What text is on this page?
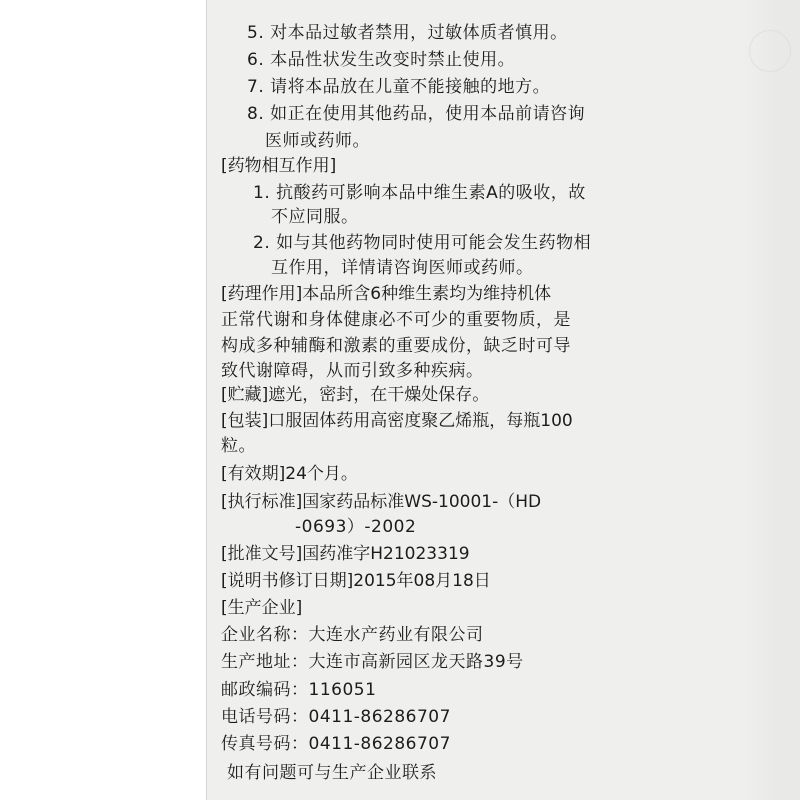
5. 对本品过敏者禁用，过敏体质者慎用。
6. 本品性状发生改变时禁止使用。
7. 请将本品放在儿童不能接触的地方。
8. 如正在使用其他药品，使用本品前请咨询
医师或药师。
[药物相互作用]
1. 抗酸药可影响本品中维生素A的吸收，故
不应同服。
2. 如与其他药物同时使用可能会发生药物相
互作用，详情请咨询医师或药师。
[药理作用]本品所含6种维生素均为维持机体
正常代谢和身体健康必不可少的重要物质，是
构成多种辅酶和激素的重要成份，缺乏时可导
致代谢障碍，从而引致多种疾病。
[贮藏]遮光，密封，在干燥处保存。
[包装]口服固体药用高密度聚乙烯瓶，每瓶100
粒。
[有效期]24个月。
[执行标准]国家药品标准WS-10001-（HD
-0693）-2002
[批准文号]国药准字H21023319
[说明书修订日期]2015年08月18日
[生产企业]
企业名称：大连水产药业有限公司
生产地址：大连市高新园区龙天路39号
邮政编码：116051
电话号码：0411-86286707
传真号码：0411-86286707
如有问题可与生产企业联系
